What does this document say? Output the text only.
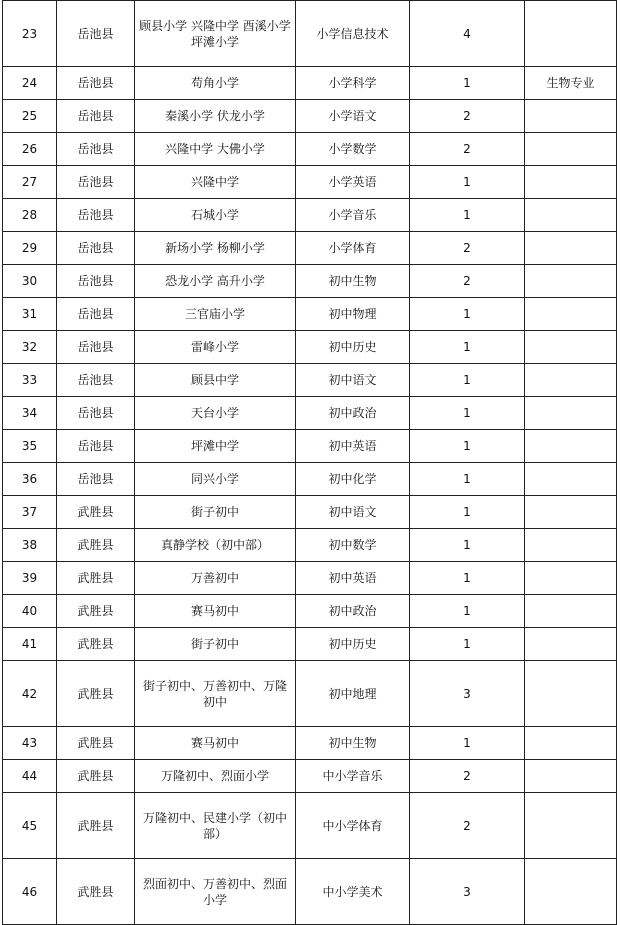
23	岳池县	顾县小学 兴隆中学 酉溪小学 坪滩小学	小学信息技术	4	
24	岳池县	苟角小学	小学科学	1	生物专业
25	岳池县	秦溪小学 伏龙小学	小学语文	2	
26	岳池县	兴隆中学 大佛小学	小学数学	2	
27	岳池县	兴隆中学	小学英语	1	
28	岳池县	石城小学	小学音乐	1	
29	岳池县	新场小学 杨柳小学	小学体育	2	
30	岳池县	恐龙小学 高升小学	初中生物	2	
31	岳池县	三官庙小学	初中物理	1	
32	岳池县	雷峰小学	初中历史	1	
33	岳池县	顾县中学	初中语文	1	
34	岳池县	天台小学	初中政治	1	
35	岳池县	坪滩中学	初中英语	1	
36	岳池县	同兴小学	初中化学	1	
37	武胜县	街子初中	初中语文	1	
38	武胜县	真静学校（初中部）	初中数学	1	
39	武胜县	万善初中	初中英语	1	
40	武胜县	赛马初中	初中政治	1	
41	武胜县	街子初中	初中历史	1	
42	武胜县	街子初中、万善初中、万隆初中	初中地理	3	
43	武胜县	赛马初中	初中生物	1	
44	武胜县	万隆初中、烈面小学	中小学音乐	2	
45	武胜县	万隆初中、民建小学（初中部）	中小学体育	2	
46	武胜县	烈面初中、万善初中、烈面小学	中小学美术	3	
